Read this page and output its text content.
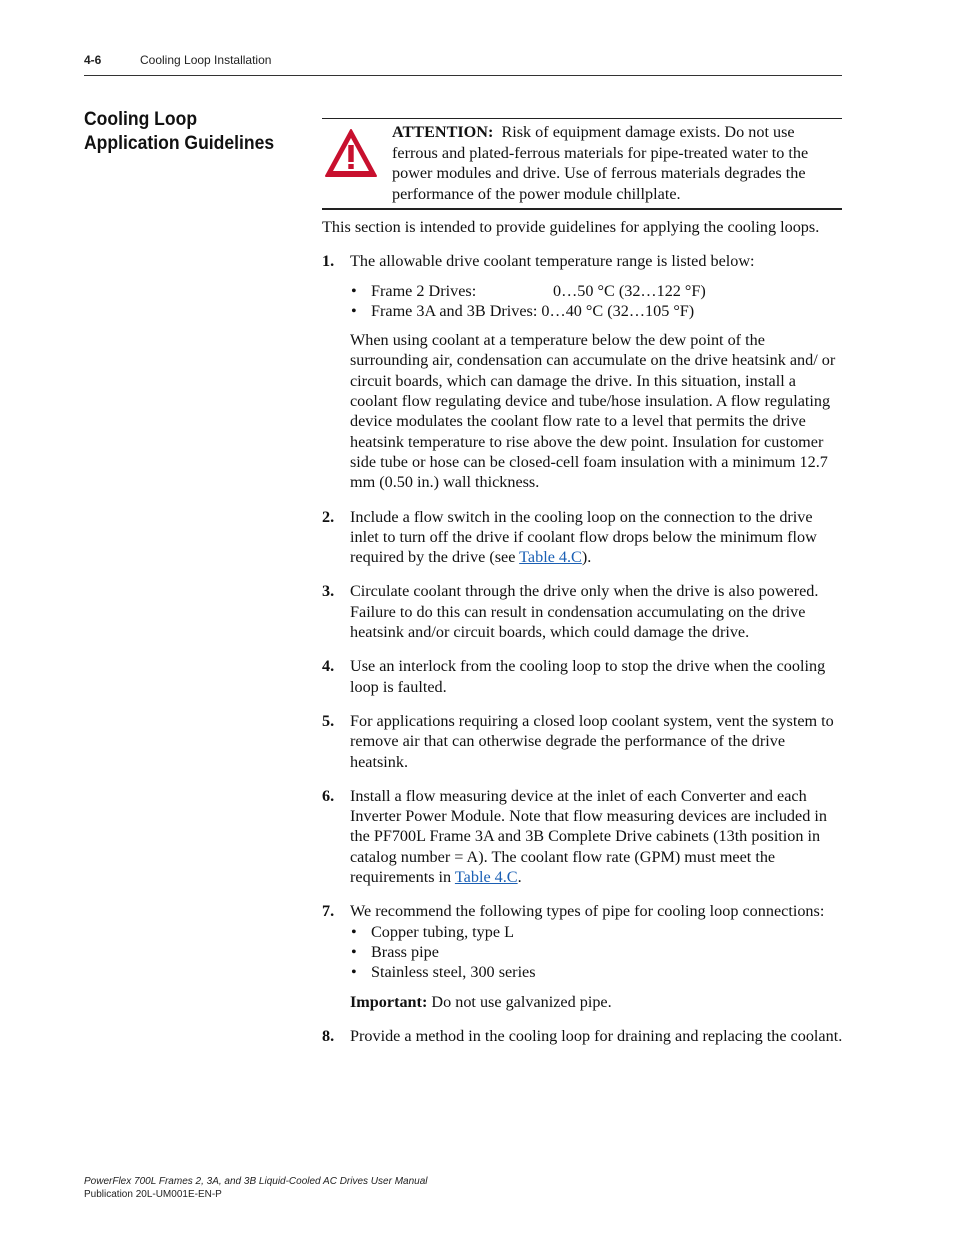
4-6	Cooling Loop Installation
Cooling Loop Application Guidelines	ATTENTION: Risk of equipment damage exists. Do not use ferrous and plated-ferrous materials for pipe-treated water to the power modules and drive. Use of ferrous materials degrades the performance of the power module chillplate.

This section is intended to provide guidelines for applying the cooling loops.

1. The allowable drive coolant temperature range is listed below:

• Frame 2 Drives:	0…50 °C (32…122 °F)
• Frame 3A and 3B Drives: 0…40 °C (32…105 °F)

When using coolant at a temperature below the dew point of the surrounding air, condensation can accumulate on the drive heatsink and/ or circuit boards, which can damage the drive. In this situation, install a coolant flow regulating device and tube/hose insulation. A flow regulating device modulates the coolant flow rate to a level that permits the drive heatsink temperature to rise above the dew point. Insulation for customer side tube or hose can be closed-cell foam insulation with a minimum 12.7 mm (0.50 in.) wall thickness.

2. Include a flow switch in the cooling loop on the connection to the drive inlet to turn off the drive if coolant flow drops below the minimum flow required by the drive (see Table 4.C).

3. Circulate coolant through the drive only when the drive is also powered. Failure to do this can result in condensation accumulating on the drive heatsink and/or circuit boards, which could damage the drive.

4. Use an interlock from the cooling loop to stop the drive when the cooling loop is faulted.

5. For applications requiring a closed loop coolant system, vent the system to remove air that can otherwise degrade the performance of the drive heatsink.

6. Install a flow measuring device at the inlet of each Converter and each Inverter Power Module. Note that flow measuring devices are included in the PF700L Frame 3A and 3B Complete Drive cabinets (13th position in catalog number = A). The coolant flow rate (GPM) must meet the requirements in Table 4.C.

7. We recommend the following types of pipe for cooling loop connections:

• Copper tubing, type L
• Brass pipe
• Stainless steel, 300 series

Important: Do not use galvanized pipe.

8. Provide a method in the cooling loop for draining and replacing the coolant.

PowerFlex 700L Frames 2, 3A, and 3B Liquid-Cooled AC Drives User Manual
Publication 20L-UM001E-EN-P
